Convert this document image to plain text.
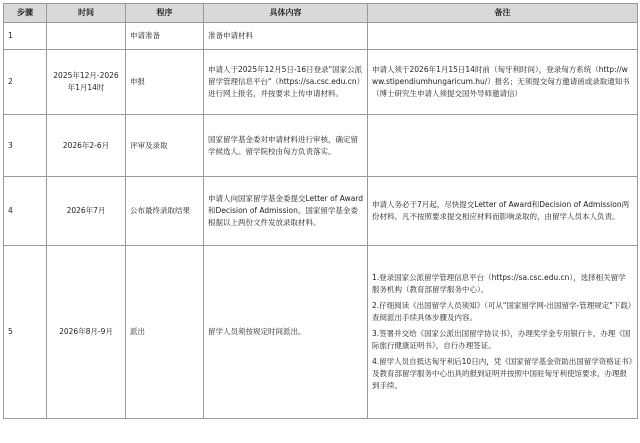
步骤	时间	程序	具体内容	备注
1		申请准备	准备申请材料	
2	2025年12月-2026年1月14时	申报	申请人于2025年12月5日-16日登录"国家公派留学管理信息平台"（https://sa.csc.edu.cn）进行网上报名，并按要求上传申请材料。	申请人须于2026年1月15日14时前（匈牙利时间），登录匈方系统（http://www.stipendiumhungaricum.hu/）报名；无须提交匈方邀请函或录取通知书（博士研究生申请人须提交国外导师邀请信）

3	2026年2-6月	评审及录取	国家留学基金委对申请材料进行审核，确定留学候选人。留学院校由匈方负责落实。	
4	2026年7月	公布最终录取结果	申请人向国家留学基金委提交Letter of Award和Decision of Admission。国家留学基金委根据以上两份文件发放录取材料。	申请人务必于7月起，尽快提交Letter of Award和Decision of Admission两份材料。凡不按照要求提交相应材料而影响录取的，由留学人员本人负责。

5	2026年8月-9月	派出	留学人员须按规定时间派出。	1.登录国家公派留学管理信息平台（https://sa.csc.edu.cn），选择相关留学服务机构（教育部留学服务中心）。
2.仔细阅读《出国留学人员须知》（可从"国家留学网-出国留学-管理规定"下载）查阅派出手续具体步骤及内容。
3.签署并交给《国家公派出国留学协议书》，办理奖学金专用银行卡，办理《国际旅行健康证明书》，自行办理签证。
4.留学人员自抵达匈牙利后10日内，凭《国家留学基金资助出国留学资格证书》及教育部留学服务中心出具的报到证明并按照中国驻匈牙利使馆要求，办理报到手续。
